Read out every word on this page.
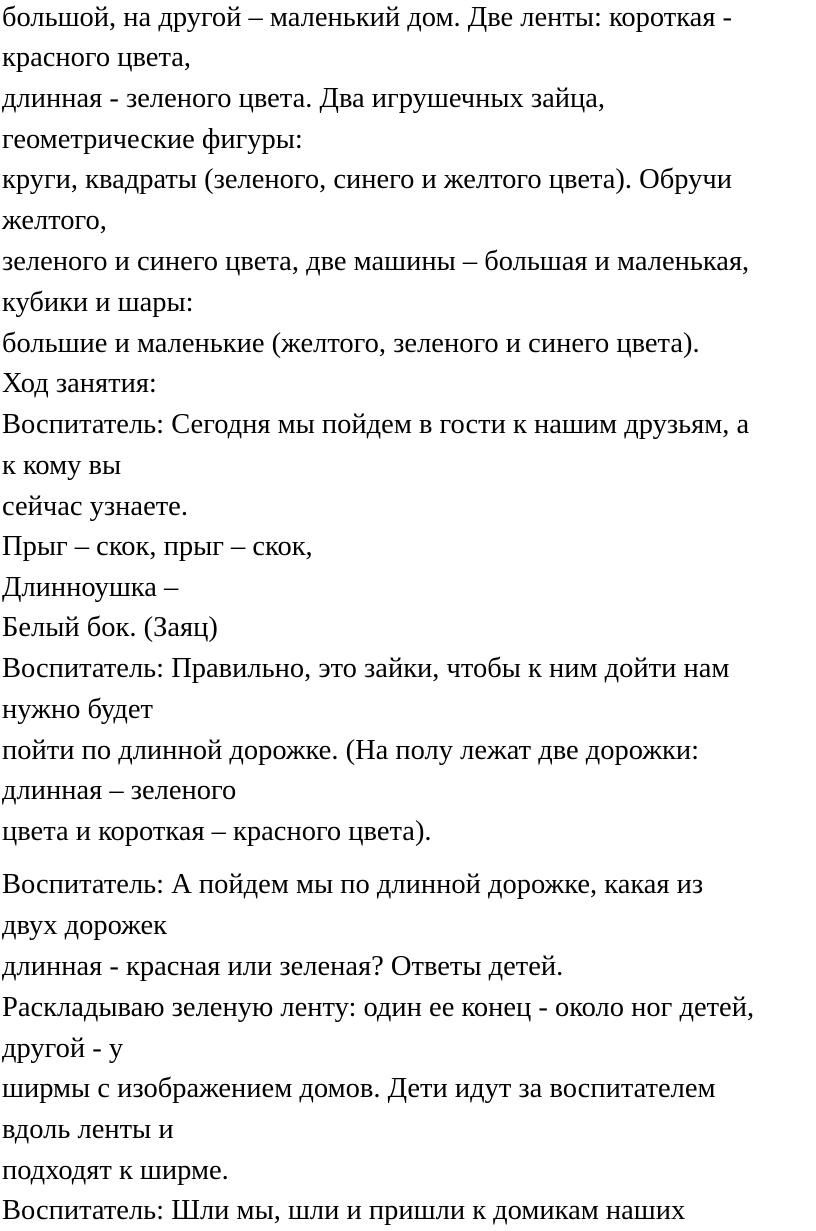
большой, на другой – маленький дом. Две ленты: короткая -
красного цвета,
длинная - зеленого цвета. Два игрушечных зайца,
геометрические фигуры:
круги, квадраты (зеленого, синего и желтого цвета). Обручи
желтого,
зеленого и синего цвета, две машины – большая и маленькая,
кубики и шары:
большие и маленькие (желтого, зеленого и синего цвета).
Ход занятия:
Воспитатель: Сегодня мы пойдем в гости к нашим друзьям, а
к кому вы
сейчас узнаете.
Прыг – скок, прыг – скок,
Длинноушка –
Белый бок. (Заяц)
Воспитатель: Правильно, это зайки, чтобы к ним дойти нам
нужно будет
пойти по длинной дорожке. (На полу лежат две дорожки:
длинная – зеленого
цвета и короткая – красного цвета).
Воспитатель: А пойдем мы по длинной дорожке, какая из
двух дорожек
длинная - красная или зеленая? Ответы детей.
Раскладываю зеленую ленту: один ее конец - около ног детей,
другой - у
ширмы с изображением домов. Дети идут за воспитателем
вдоль ленты и
подходят к ширме.
Воспитатель: Шли мы, шли и пришли к домикам наших
